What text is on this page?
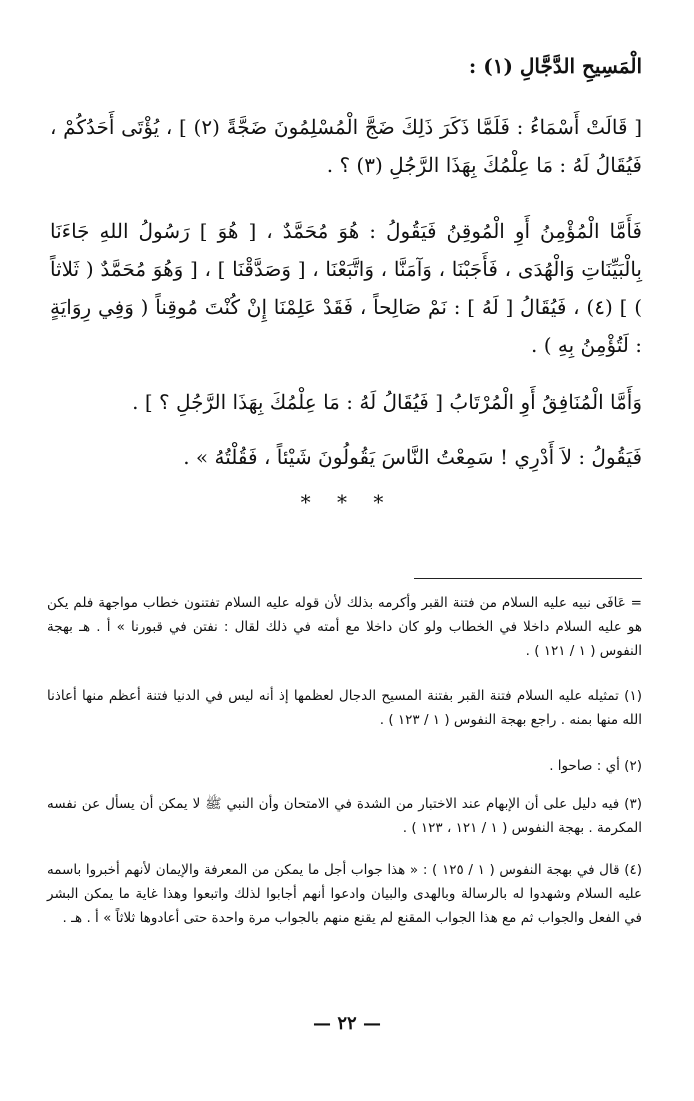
الْمَسِيحِ الدَّجَّالِ (١) :
[ قَالَتْ أَسْمَاءُ : فَلَمَّا ذَكَرَ ذَلِكَ ضَجَّ الْمُسْلِمُونَ ضَجَّةً (٢) ] ، يُؤْتَى أَحَدُكُمْ ، فَيُقَالُ لَهُ : مَا عِلْمُكَ بِهَذَا الرَّجُلِ (٣) ؟ .
فَأَمَّا الْمُؤْمِنُ أَوِ الْمُوقِنُ فَيَقُولُ : هُوَ مُحَمَّدٌ ، [ هُوَ ] رَسُولُ اللهِ جَاءَنَا بِالْبَيِّنَاتِ وَالْهُدَى ، فَأَجَبْنَا ، وَآمَنَّا ، وَاتَّبَعْنَا ، [ وَصَدَّقْنَا ] ، [ وَهُوَ مُحَمَّدٌ ( ثَلاثاً ) ] (٤) ، فَيُقَالُ [ لَهُ ] : نَمْ صَالِحاً ، فَقَدْ عَلِمْنَا إِنْ كُنْتَ مُوقِناً ( وَفِي رِوَايَةٍ : لَتُؤْمِنُ بِهِ ) .
وَأَمَّا الْمُنَافِقُ أَوِ الْمُرْتَابُ [ فَيُقَالُ لَهُ : مَا عِلْمُكَ بِهَذَا الرَّجُلِ ؟ ] .
فَيَقُولُ : لاَ أَدْرِي ! سَمِعْتُ النَّاسَ يَقُولُونَ شَيْئاً ، فَقُلْتُهُ » .
* * *
= عَافَى نبيه عليه السلام من فتنة القبر وأكرمه بذلك لأن قوله عليه السلام تفتنون خطاب مواجهة فلم يكن هو عليه السلام داخلا في الخطاب ولو كان داخلا مع أمته في ذلك لقال : نفتن في قبورنا » أ . هـ بهجة النفوس ( ١ / ١٢١ ) .
(١) تمثيله عليه السلام فتنة القبر بفتنة المسيح الدجال لعظمها إذ أنه ليس في الدنيا فتنة أعظم منها أعاذنا الله منها بمنه . راجع بهجة النفوس ( ١ / ١٢٣ ) .
(٢) أي : صاحوا .
(٣) فيه دليل على أن الإبهام عند الاختبار من الشدة في الامتحان وأن النبي ﷺ لا يمكن أن يسأل عن نفسه المكرمة . بهجة النفوس ( ١ / ١٢١ ، ١٢٣ ) .
(٤) قال في بهجة النفوس ( ١ / ١٢٥ ) : « هذا جواب أجل ما يمكن من المعرفة والإيمان لأنهم أخبروا باسمه عليه السلام وشهدوا له بالرسالة وبالهدى والبيان وادعوا أنهم أجابوا لذلك واتبعوا وهذا غاية ما يمكن البشر في الفعل والجواب ثم مع هذا الجواب المقنع لم يقنع منهم بالجواب مرة واحدة حتى أعادوها ثلاثاً » أ . هـ .
— ٢٢ —
